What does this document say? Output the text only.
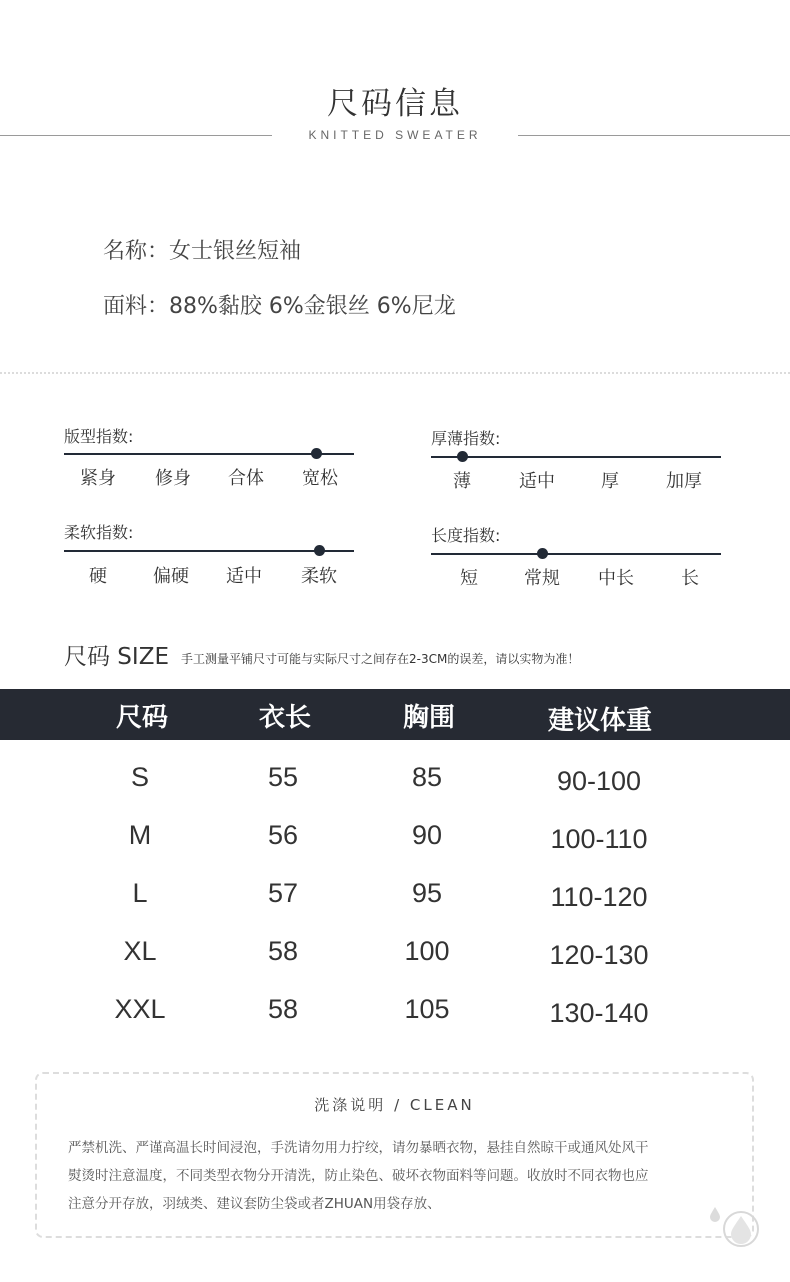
尺码信息
KNITTED SWEATER
名称：女士银丝短袖
面料：88%黏胶 6%金银丝 6%尼龙
版型指数:
紧身	修身	合体	宽松
厚薄指数:
薄	适中	厚	加厚
柔软指数:
硬	偏硬	适中	柔软
长度指数:
短	常规	中长	长
尺码 SIZE 手工测量平铺尺寸可能与实际尺寸之间存在2-3CM的误差，请以实物为准！
尺码	衣长	胸围	建议体重
S	55	85	90-100
M	56	90	100-110
L	57	95	110-120
XL	58	100	120-130
XXL	58	105	130-140
洗涤说明 / CLEAN
严禁机洗、严谨高温长时间浸泡，手洗请勿用力拧绞，请勿暴晒衣物，悬挂自然晾干或通风处风干
熨烫时注意温度，不同类型衣物分开清洗，防止染色、破坏衣物面料等问题。收放时不同衣物也应
注意分开存放，羽绒类、建议套防尘袋或者ZHUAN用袋存放、
